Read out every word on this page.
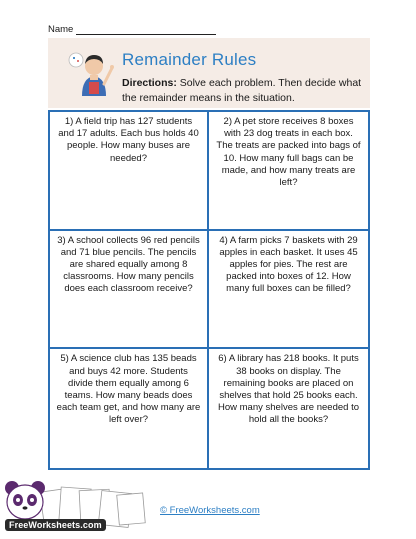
Name
Remainder Rules
Directions: Solve each problem. Then decide what the remainder means in the situation.
1) A field trip has 127 students and 17 adults. Each bus holds 40 people. How many buses are needed?
2) A pet store receives 8 boxes with 23 dog treats in each box. The treats are packed into bags of 10. How many full bags can be made, and how many treats are left?
3) A school collects 96 red pencils and 71 blue pencils. The pencils are shared equally among 8 classrooms. How many pencils does each classroom receive?
4) A farm picks 7 baskets with 29 apples in each basket. It uses 45 apples for pies. The rest are packed into boxes of 12. How many full boxes can be filled?
5) A science club has 135 beads and buys 42 more. Students divide them equally among 6 teams. How many beads does each team get, and how many are left over?
6) A library has 218 books. It puts 38 books on display. The remaining books are placed on shelves that hold 25 books each. How many shelves are needed to hold all the books?
FreeWorksheets.com
© FreeWorksheets.com
